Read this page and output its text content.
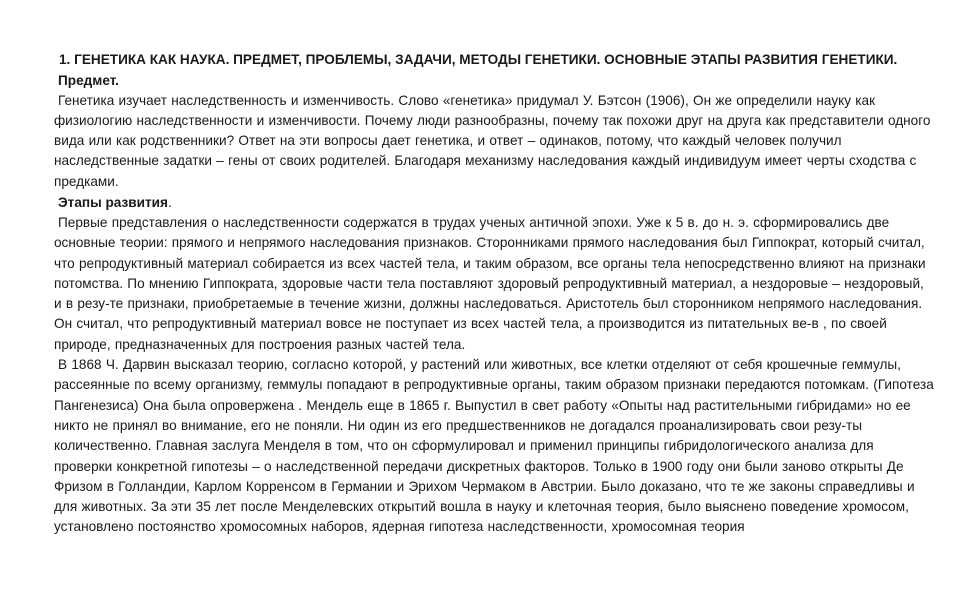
1. ГЕНЕТИКА КАК НАУКА. ПРЕДМЕТ, ПРОБЛЕМЫ, ЗАДАЧИ, МЕТОДЫ ГЕНЕТИКИ. ОСНОВНЫЕ ЭТАПЫ РАЗВИТИЯ ГЕНЕТИКИ.

Предмет.

Генетика изучает наследственность и изменчивость. Слово «генетика» придумал У. Бэтсон (1906), Он же определили науку как физиологию наследственности и изменчивости. Почему люди разнообразны, почему так похожи друг на друга как представители одного вида или как родственники? Ответ на эти вопросы дает генетика, и ответ – одинаков, потому, что каждый человек получил наследственные задатки – гены от своих родителей. Благодаря механизму наследования каждый индивидуум имеет черты сходства с предками.

Этапы развития.

Первые представления о наследственности содержатся в трудах ученых античной эпохи. Уже к 5 в. до н. э. сформировались две основные теории: прямого и непрямого наследования признаков. Сторонниками прямого наследования был Гиппократ, который считал, что репродуктивный материал собирается из всех частей тела, и таким образом, все органы тела непосредственно влияют на признаки потомства. По мнению Гиппократа, здоровые части тела поставляют здоровый репродуктивный материал, а нездоровые – нездоровый, и в резу-те признаки, приобретаемые в течение жизни, должны наследоваться. Аристотель был сторонником непрямого наследования. Он считал, что репродуктивный материал вовсе не поступает из всех частей тела, а производится из питательных ве-в , по своей природе, предназначенных для построения разных частей тела.

В 1868 Ч. Дарвин высказал теорию, согласно которой, у растений или животных, все клетки отделяют от себя крошечные геммулы, рассеянные по всему организму, геммулы попадают в репродуктивные органы, таким образом признаки передаются потомкам. (Гипотеза Пангенезиса) Она была опровержена . Мендель еще в 1865 г. Выпустил в свет работу «Опыты над растительными гибридами» но ее никто не принял во внимание, его не поняли. Ни один из его предшественников не догадался проанализировать свои резу-ты количественно. Главная заслуга Менделя в том, что он сформулировал и применил принципы гибридологического анализа для проверки конкретной гипотезы – о наследственной передачи дискретных факторов. Только в 1900 году они были заново открыты Де Фризом в Голландии, Карлом Корренсом в Германии и Эрихом Чермаком в Австрии. Было доказано, что те же законы справедливы и для животных. За эти 35 лет после Менделевских открытий вошла в науку и клеточная теория, было выяснено поведение хромосом, установлено постоянство хромосомных наборов, ядерная гипотеза наследственности, хромосомная теория
